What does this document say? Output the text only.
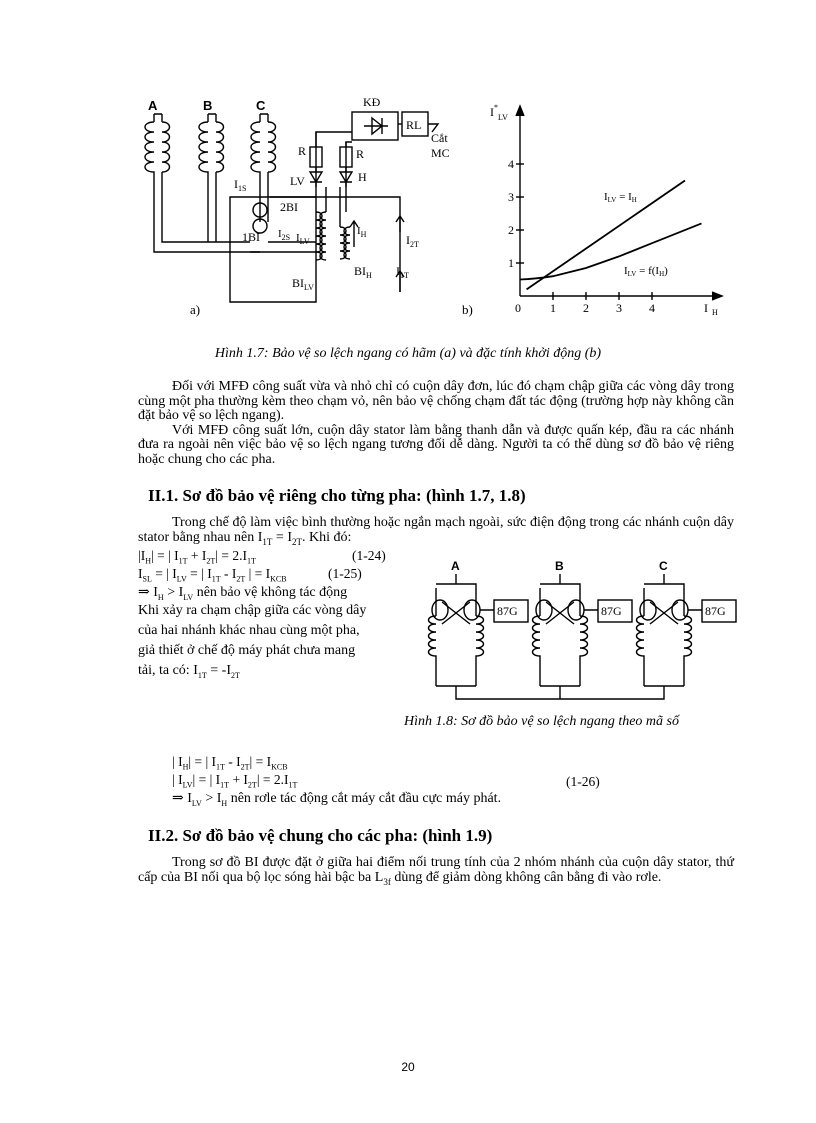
A	B	C	KĐ
RL
Cắt
MC
R	R
LV	H
$I_{1S}$
2BI
1BI $I_{2S}$ $I_{LV}$
$I_H$	$I_{2T}$
$I_{1T}$
$BI_H$
$BI_{LV}$
a)
1
2
3
4
0 1 2 3 4
$I^*_{LV}$
I $_H$
ILV = IH
ILV = f(IH)
b)
Hình 1.7: Bảo vệ so lệch ngang có hãm (a) và đặc tính khởi động (b)

Đối với MFĐ công suất vừa và nhỏ chỉ có cuộn dây đơn, lúc đó chạm chập giữa các vòng dây trong cùng một pha thường kèm theo chạm vỏ, nên bảo vệ chống chạm đất tác động (trường hợp này không cần đặt bảo vệ so lệch ngang).

Với MFĐ công suất lớn, cuộn dây stator làm bằng thanh dẫn và được quấn kép, đầu ra các nhánh đưa ra ngoài nên việc bảo vệ so lệch ngang tương đối dễ dàng. Người ta có thể dùng sơ đồ bảo vệ riêng hoặc chung cho các pha.

II.1. Sơ đồ bảo vệ riêng cho từng pha: (hình 1.7, 1.8)

Trong chế độ làm việc bình thường hoặc ngắn mạch ngoài, sức điện động trong các nhánh cuộn dây stator bằng nhau nên $I_{1T} = I_{2T}$. Khi đó:

$|I_H|$ = | $I_{1T} + I_{2T}| = 2.I_{1T}$	(1-24)
$I_{SL}$ = | $I_{LV}$ = | $I_{1T} - I_{2T}$ | = $I_{KCB}$	(1-25)
⇒ $I_H > I_{LV}$ nên bảo vệ không tác động
Khi xảy ra chạm chập giữa các vòng dây
của hai nhánh khác nhau cùng một pha,
giả thiết ở chế độ máy phát chưa mang
tải, ta có: $I_{1T} = -I_{2T}$
A	B	C
87G	87G	87G
Hình 1.8: Sơ đồ bảo vệ so lệch ngang theo mã số
| $I_H|$ = | $I_{1T} - I_{2T}| = I_{KCB}$
| $I_{LV}|$ = | $I_{1T} + I_{2T}| = 2.I_{1T}$	(1-26)
⇒ $I_{LV} > I_H$ nên rơle tác động cắt máy cắt đầu cực máy phát.
II.2. Sơ đồ bảo vệ chung cho các pha: (hình 1.9)

Trong sơ đồ BI được đặt ở giữa hai điểm nối trung tính của 2 nhóm nhánh của cuộn dây stator, thứ cấp của BI nối qua bộ lọc sóng hài bậc ba $L_{3f}$ dùng để giảm dòng không cân bằng đi vào rơle.

20
